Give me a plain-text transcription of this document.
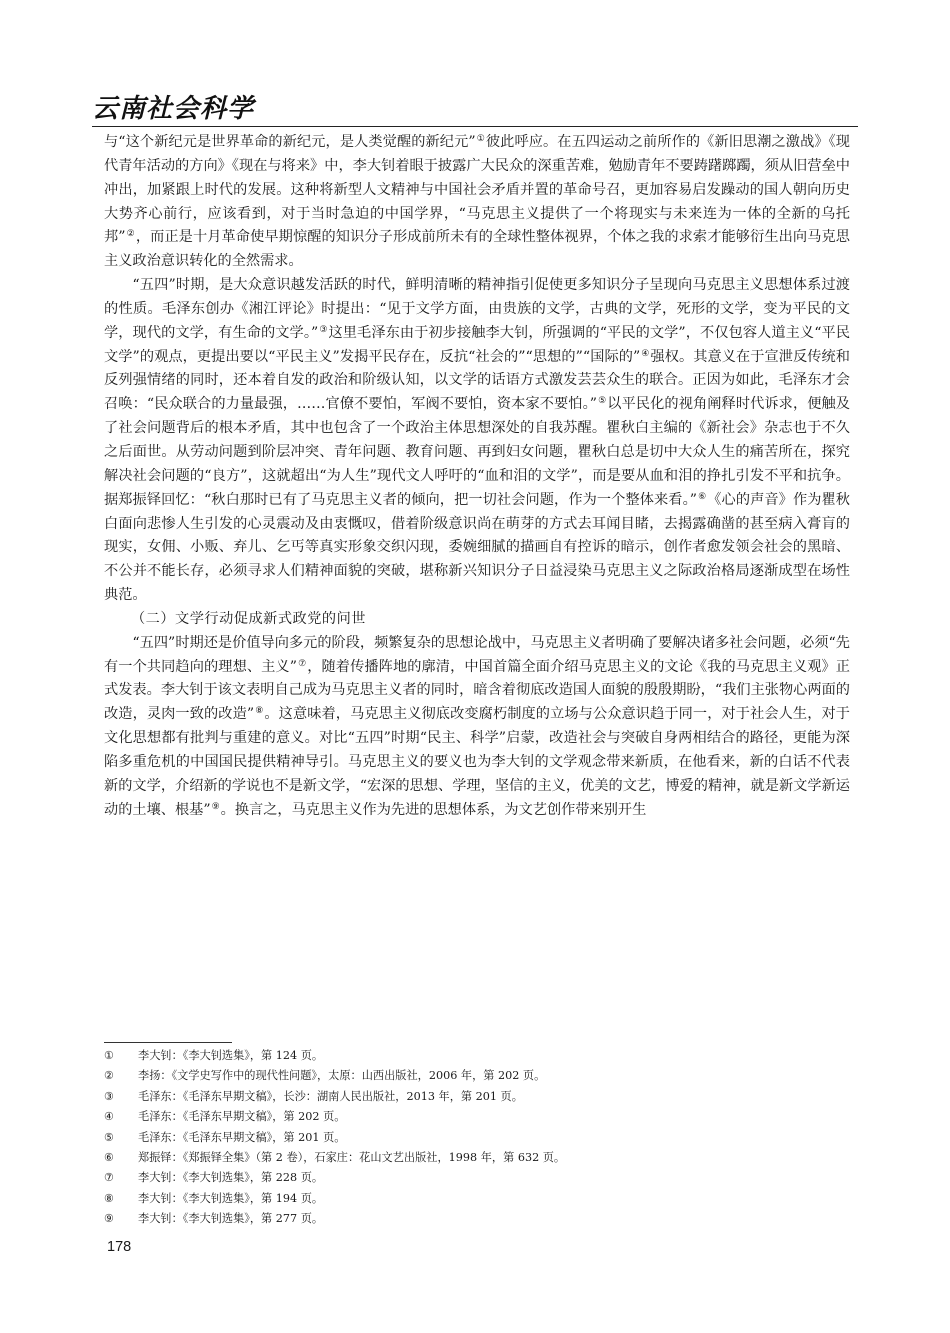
云南社会科学

与“这个新纪元是世界革命的新纪元，是人类觉醒的新纪元”①彼此呼应。在五四运动之前所作的《新旧思潮之激战》《现代青年活动的方向》《现在与将来》中，李大钊着眼于披露广大民众的深重苦难，勉励青年不要踌躇踯躅，须从旧营垒中冲出，加紧跟上时代的发展。这种将新型人文精神与中国社会矛盾并置的革命号召，更加容易启发躁动的国人朝向历史大势齐心前行，应该看到，对于当时急迫的中国学界，“马克思主义提供了一个将现实与未来连为一体的全新的乌托邦”②，而正是十月革命使早期惊醒的知识分子形成前所未有的全球性整体视界，个体之我的求索才能够衍生出向马克思主义政治意识转化的全然需求。

“五四”时期，是大众意识越发活跃的时代，鲜明清晰的精神指引促使更多知识分子呈现向马克思主义思想体系过渡的性质。毛泽东创办《湘江评论》时提出：“见于文学方面，由贵族的文学，古典的文学，死形的文学，变为平民的文学，现代的文学，有生命的文学。”③这里毛泽东由于初步接触李大钊，所强调的“平民的文学”，不仅包容人道主义“平民文学”的观点，更提出要以“平民主义”发揭平民存在，反抗“社会的”“思想的”“国际的”④强权。其意义在于宣泄反传统和反列强情绪的同时，还本着自发的政治和阶级认知，以文学的话语方式激发芸芸众生的联合。正因为如此，毛泽东才会召唤：“民众联合的力量最强，……官僚不要怕，军阀不要怕，资本家不要怕。”⑤以平民化的视角阐释时代诉求，便触及了社会问题背后的根本矛盾，其中也包含了一个政治主体思想深处的自我苏醒。瞿秋白主编的《新社会》杂志也于不久之后面世。从劳动问题到阶层冲突、青年问题、教育问题、再到妇女问题，瞿秋白总是切中大众人生的痛苦所在，探究解决社会问题的“良方”，这就超出“为人生”现代文人呼吁的“血和泪的文学”，而是要从血和泪的挣扎引发不平和抗争。据郑振铎回忆：“秋白那时已有了马克思主义者的倾向，把一切社会问题，作为一个整体来看。”⑥《心的声音》作为瞿秋白面向悲惨人生引发的心灵震动及由衷慨叹，借着阶级意识尚在萌芽的方式去耳闻目睹，去揭露确凿的甚至病入膏肓的现实，女佣、小贩、弃儿、乞丐等真实形象交织闪现，委婉细腻的描画自有控诉的暗示，创作者愈发领会社会的黑暗、不公并不能长存，必须寻求人们精神面貌的突破，堪称新兴知识分子日益浸染马克思主义之际政治格局逐渐成型在场性典范。

（二）文学行动促成新式政党的问世

“五四”时期还是价值导向多元的阶段，频繁复杂的思想论战中，马克思主义者明确了要解决诸多社会问题，必须“先有一个共同趋向的理想、主义”⑦，随着传播阵地的廓清，中国首篇全面介绍马克思主义的文论《我的马克思主义观》正式发表。李大钊于该文表明自己成为马克思主义者的同时，暗含着彻底改造国人面貌的殷殷期盼，“我们主张物心两面的改造，灵肉一致的改造”⑧。这意味着，马克思主义彻底改变腐朽制度的立场与公众意识趋于同一，对于社会人生，对于文化思想都有批判与重建的意义。对比“五四”时期“民主、科学”启蒙，改造社会与突破自身两相结合的路径，更能为深陷多重危机的中国国民提供精神导引。马克思主义的要义也为李大钊的文学观念带来新质，在他看来，新的白话不代表新的文学，介绍新的学说也不是新文学，“宏深的思想、学理，坚信的主义，优美的文艺，博爱的精神，就是新文学新运动的土壤、根基”⑨。换言之，马克思主义作为先进的思想体系，为文艺创作带来别开生

①	李大钊：《李大钊选集》，第 124 页。
②	李扬：《文学史写作中的现代性问题》，太原：山西出版社，2006 年，第 202 页。
③	毛泽东：《毛泽东早期文稿》，长沙：湖南人民出版社，2013 年，第 201 页。
④	毛泽东：《毛泽东早期文稿》，第 202 页。
⑤	毛泽东：《毛泽东早期文稿》，第 201 页。
⑥	郑振铎：《郑振铎全集》（第 2 卷），石家庄：花山文艺出版社，1998 年，第 632 页。
⑦	李大钊：《李大钊选集》，第 228 页。
⑧	李大钊：《李大钊选集》，第 194 页。
⑨	李大钊：《李大钊选集》，第 277 页。
178
